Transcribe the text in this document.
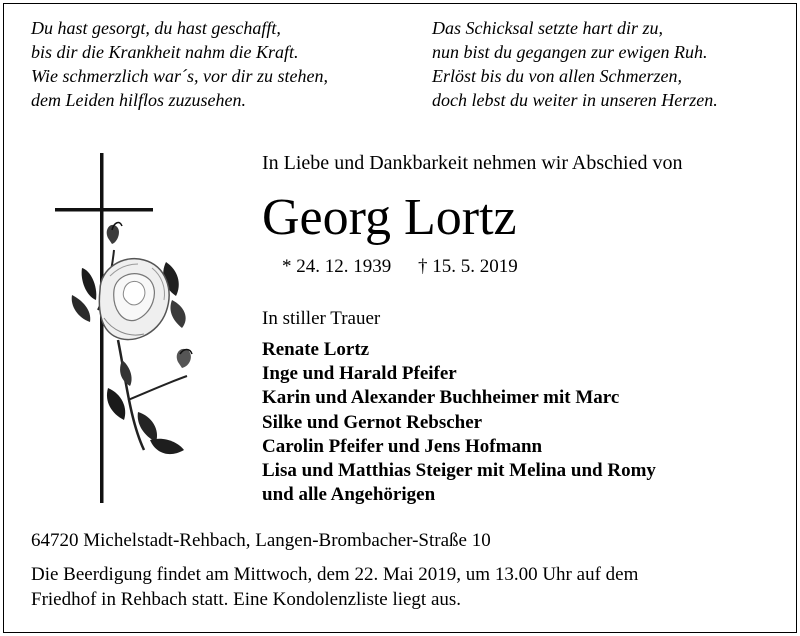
Du hast gesorgt, du hast geschafft,
bis dir die Krankheit nahm die Kraft.
Wie schmerzlich war´s, vor dir zu stehen,
dem Leiden hilflos zuzusehen.
Das Schicksal setzte hart dir zu,
nun bist du gegangen zur ewigen Ruh.
Erlöst bis du von allen Schmerzen,
doch lebst du weiter in unseren Herzen.
In Liebe und Dankbarkeit nehmen wir Abschied von
Georg Lortz
* 24. 12. 1939 † 15. 5. 2019
In stiller Trauer
Renate Lortz
Inge und Harald Pfeifer
Karin und Alexander Buchheimer mit Marc
Silke und Gernot Rebscher
Carolin Pfeifer und Jens Hofmann
Lisa und Matthias Steiger mit Melina und Romy
und alle Angehörigen
64720 Michelstadt-Rehbach, Langen-Brombacher-Straße 10
Die Beerdigung findet am Mittwoch, dem 22. Mai 2019, um 13.00 Uhr auf dem
Friedhof in Rehbach statt. Eine Kondolenzliste liegt aus.
